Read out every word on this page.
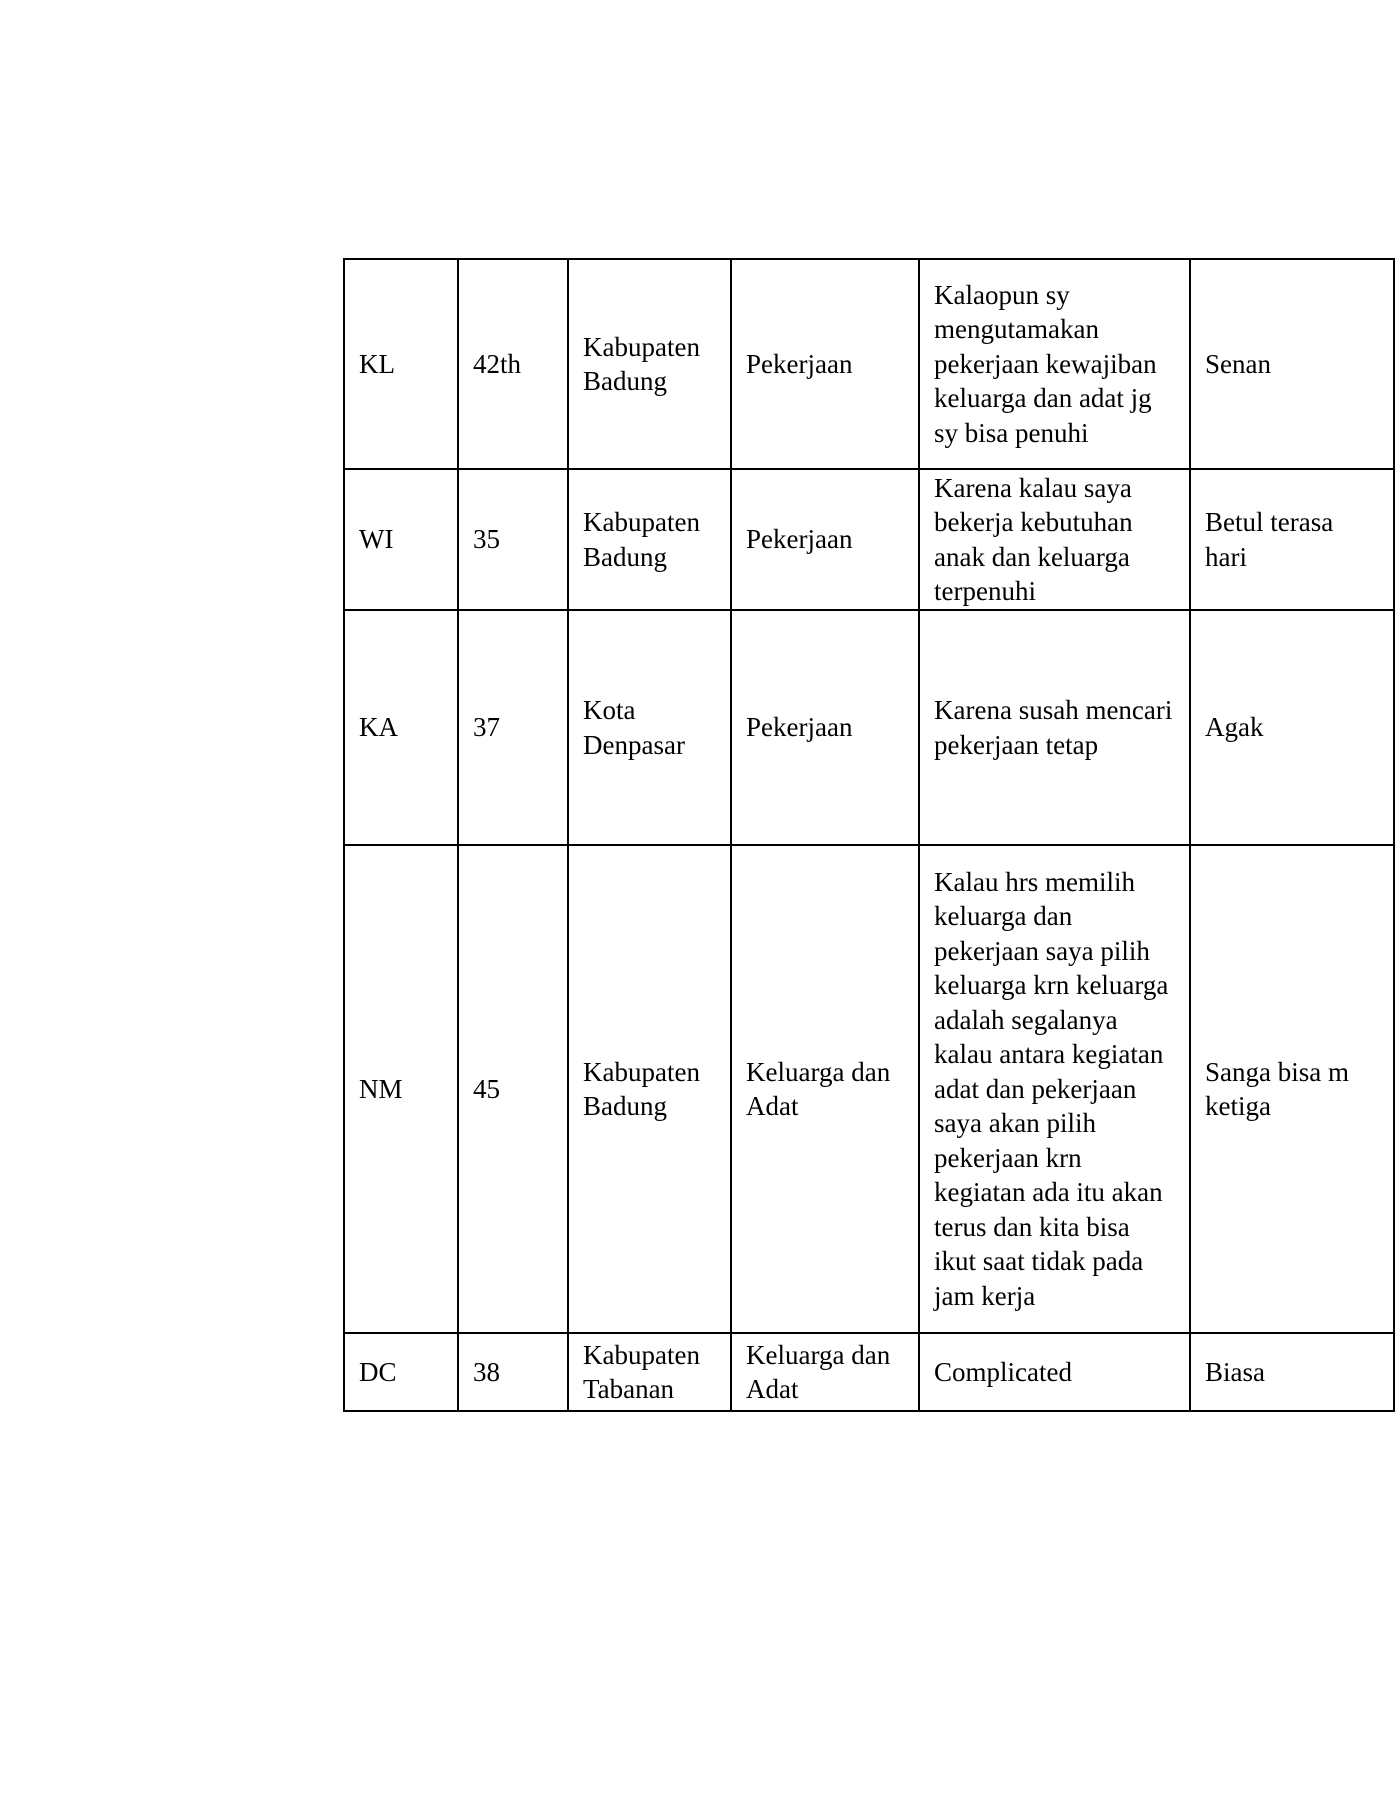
KL	42th	Kabupaten Badung	Pekerjaan	Kalaopun sy mengutamakan pekerjaan kewajiban keluarga dan adat jg sy bisa penuhi	Senan
WI	35	Kabupaten Badung	Pekerjaan	Karena kalau saya bekerja kebutuhan anak dan keluarga terpenuhi	Betul terasa hari
KA	37	Kota Denpasar	Pekerjaan	Karena susah mencari pekerjaan tetap	Agak
NM	45	Kabupaten Badung	Keluarga dan Adat	Kalau hrs memilih keluarga dan pekerjaan saya pilih keluarga krn keluarga adalah segalanya kalau antara kegiatan adat dan pekerjaan saya akan pilih pekerjaan krn kegiatan ada itu akan terus dan kita bisa ikut saat tidak pada jam kerja	Sanga bisa m ketiga
DC	38	Kabupaten Tabanan	Keluarga dan Adat	Complicated	Biasa
